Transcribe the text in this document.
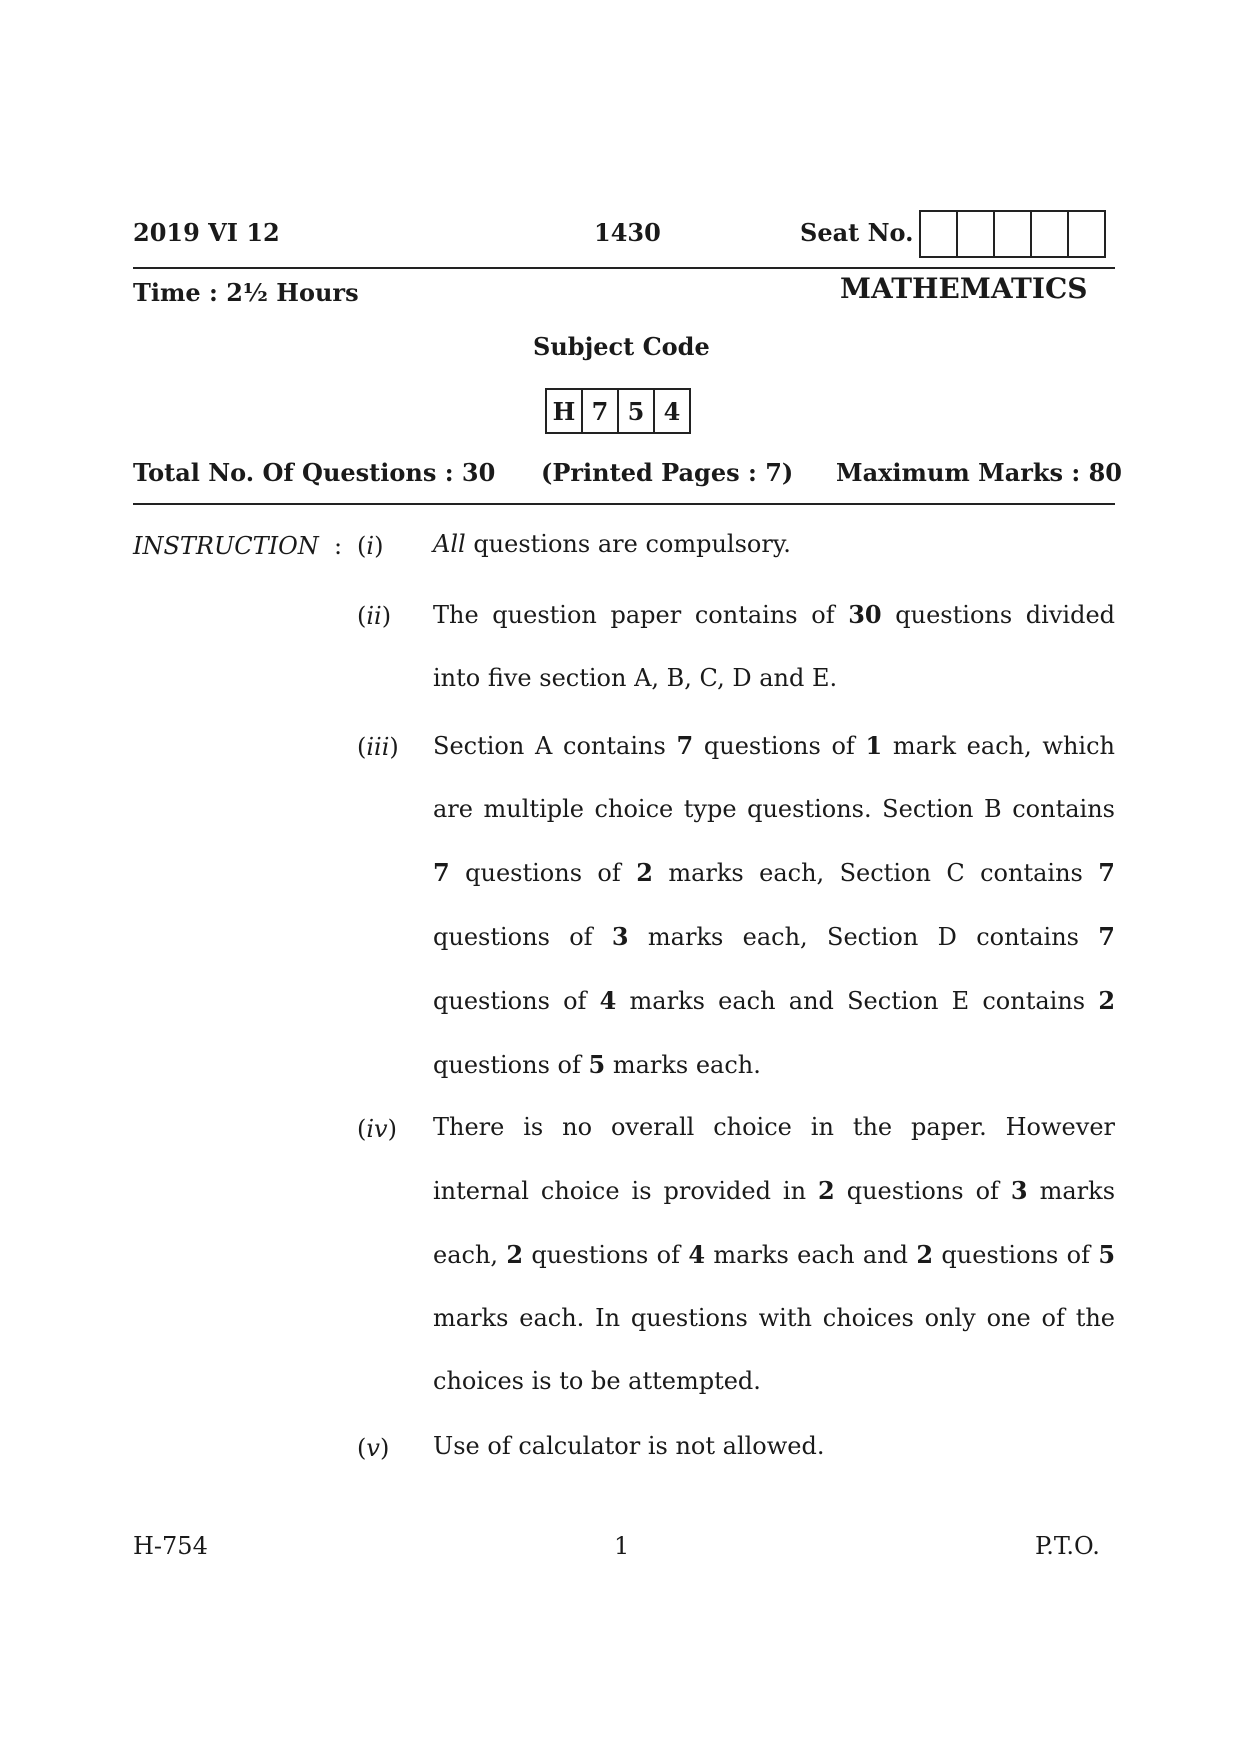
2019 VI 12	1430	Seat No.
Time : 2½ Hours	MATHEMATICS
Subject Code
H 7 5 4
Total No. Of Questions : 30 (Printed Pages : 7) Maximum Marks : 80
INSTRUCTION : (i) All questions are compulsory.
(ii) The question paper contains of 30 questions divided into five section A, B, C, D and E.
(iii) Section A contains 7 questions of 1 mark each, which are multiple choice type questions. Section B contains 7 questions of 2 marks each, Section C contains 7 questions of 3 marks each, Section D contains 7 questions of 4 marks each and Section E contains 2 questions of 5 marks each.
(iv) There is no overall choice in the paper. However internal choice is provided in 2 questions of 3 marks each, 2 questions of 4 marks each and 2 questions of 5 marks each. In questions with choices only one of the choices is to be attempted.
(v) Use of calculator is not allowed.
H-754	1	P.T.O.
